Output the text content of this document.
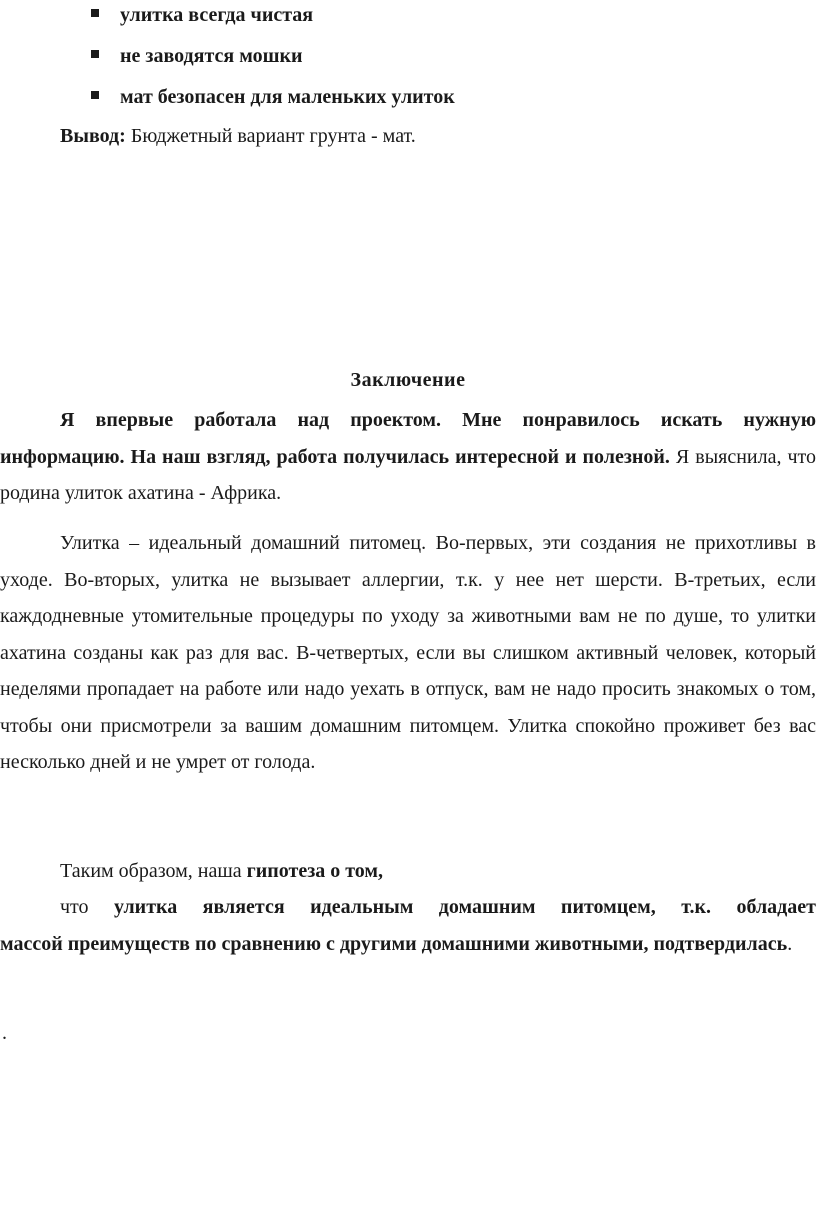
улитка всегда чистая
не заводятся мошки
мат безопасен для маленьких улиток
Вывод: Бюджетный вариант грунта - мат.
Заключение

Я впервые работала над проектом. Мне понравилось искать нужную информацию. На наш взгляд, работа получилась интересной и полезной. Я выяснила, что родина улиток ахатина - Африка.

Улитка – идеальный домашний питомец. Во-первых, эти создания не прихотливы в уходе. Во-вторых, улитка не вызывает аллергии, т.к. у нее нет шерсти. В-третьих, если каждодневные утомительные процедуры по уходу за животными вам не по душе, то улитки ахатина созданы как раз для вас. В-четвертых, если вы слишком активный человек, который неделями пропадает на работе или надо уехать в отпуск, вам не надо просить знакомых о том, чтобы они присмотрели за вашим домашним питомцем. Улитка спокойно проживет без вас несколько дней и не умрет от голода.

Таким образом, наша гипотеза о том,

что улитка является идеальным домашним питомцем, т.к. обладает

массой преимуществ по сравнению с другими домашними животными, подтвердилась.

.
